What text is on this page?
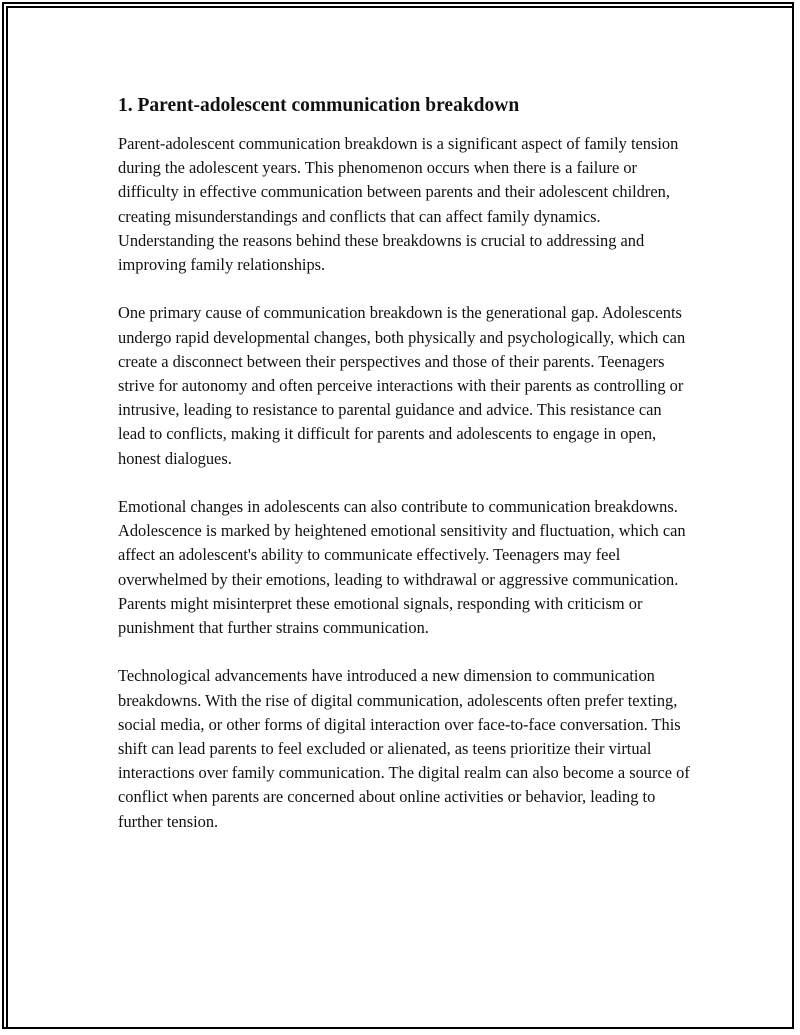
1. Parent-adolescent communication breakdown

Parent-adolescent communication breakdown is a significant aspect of family tension during the adolescent years. This phenomenon occurs when there is a failure or difficulty in effective communication between parents and their adolescent children, creating misunderstandings and conflicts that can affect family dynamics. Understanding the reasons behind these breakdowns is crucial to addressing and improving family relationships.

One primary cause of communication breakdown is the generational gap. Adolescents undergo rapid developmental changes, both physically and psychologically, which can create a disconnect between their perspectives and those of their parents. Teenagers strive for autonomy and often perceive interactions with their parents as controlling or intrusive, leading to resistance to parental guidance and advice. This resistance can lead to conflicts, making it difficult for parents and adolescents to engage in open, honest dialogues.

Emotional changes in adolescents can also contribute to communication breakdowns. Adolescence is marked by heightened emotional sensitivity and fluctuation, which can affect an adolescent's ability to communicate effectively. Teenagers may feel overwhelmed by their emotions, leading to withdrawal or aggressive communication. Parents might misinterpret these emotional signals, responding with criticism or punishment that further strains communication.

Technological advancements have introduced a new dimension to communication breakdowns. With the rise of digital communication, adolescents often prefer texting, social media, or other forms of digital interaction over face-to-face conversation. This shift can lead parents to feel excluded or alienated, as teens prioritize their virtual interactions over family communication. The digital realm can also become a source of conflict when parents are concerned about online activities or behavior, leading to further tension.
